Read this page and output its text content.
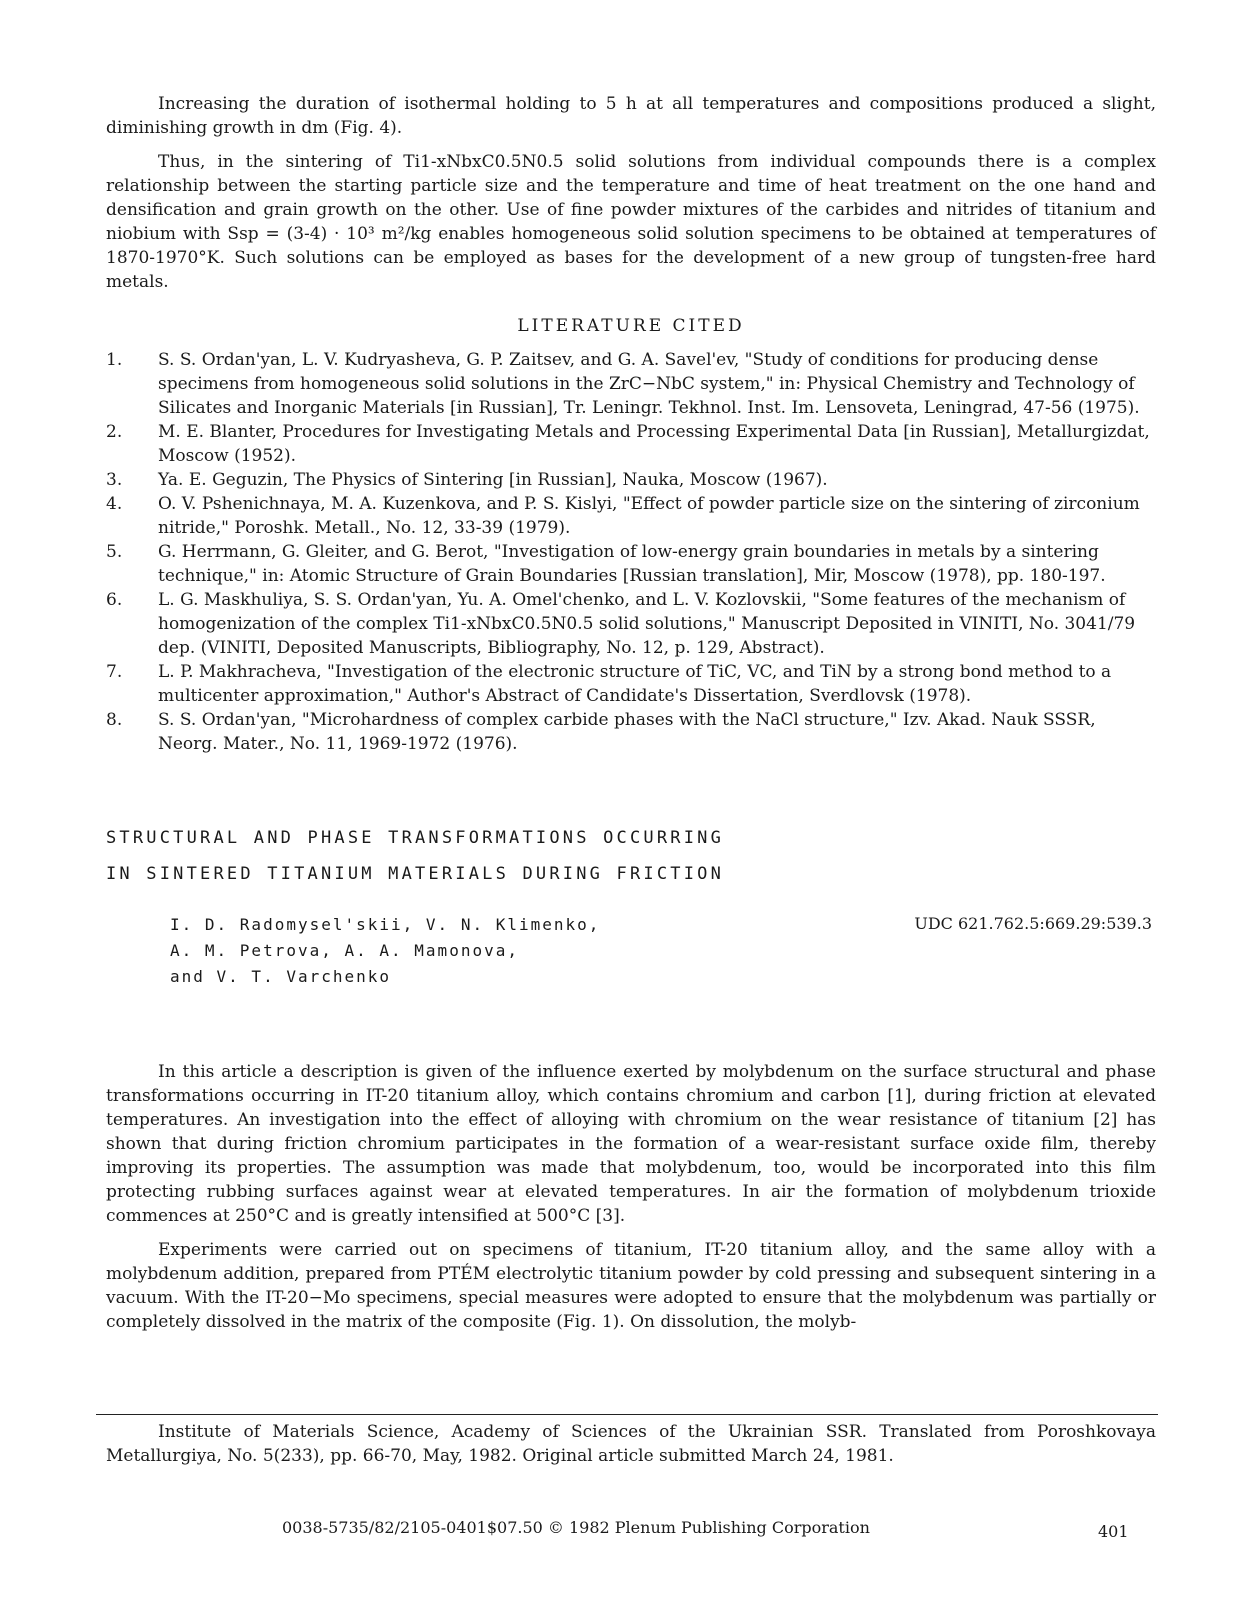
Increasing the duration of isothermal holding to 5 h at all temperatures and compositions produced a slight, diminishing growth in dm (Fig. 4).

Thus, in the sintering of Ti1-xNbxC0.5N0.5 solid solutions from individual compounds there is a complex relationship between the starting particle size and the temperature and time of heat treatment on the one hand and densification and grain growth on the other. Use of fine powder mixtures of the carbides and nitrides of titanium and niobium with Ssp = (3-4) · 10³ m²/kg enables homogeneous solid solution specimens to be obtained at temperatures of 1870-1970°K. Such solutions can be employed as bases for the development of a new group of tungsten-free hard metals.

LITERATURE CITED
1.	S. S. Ordan'yan, L. V. Kudryasheva, G. P. Zaitsev, and G. A. Savel'ev, "Study of conditions for producing dense specimens from homogeneous solid solutions in the ZrC−NbC system," in: Physical Chemistry and Technology of Silicates and Inorganic Materials [in Russian], Tr. Leningr. Tekhnol. Inst. Im. Lensoveta, Leningrad, 47-56 (1975).
2.	M. E. Blanter, Procedures for Investigating Metals and Processing Experimental Data [in Russian], Metallurgizdat, Moscow (1952).
3.	Ya. E. Geguzin, The Physics of Sintering [in Russian], Nauka, Moscow (1967).
4.	O. V. Pshenichnaya, M. A. Kuzenkova, and P. S. Kislyi, "Effect of powder particle size on the sintering of zirconium nitride," Poroshk. Metall., No. 12, 33-39 (1979).
5.	G. Herrmann, G. Gleiter, and G. Berot, "Investigation of low-energy grain boundaries in metals by a sintering technique," in: Atomic Structure of Grain Boundaries [Russian translation], Mir, Moscow (1978), pp. 180-197.
6.	L. G. Maskhuliya, S. S. Ordan'yan, Yu. A. Omel'chenko, and L. V. Kozlovskii, "Some features of the mechanism of homogenization of the complex Ti1-xNbxC0.5N0.5 solid solutions," Manuscript Deposited in VINITI, No. 3041/79 dep. (VINITI, Deposited Manuscripts, Bibliography, No. 12, p. 129, Abstract).
7.	L. P. Makhracheva, "Investigation of the electronic structure of TiC, VC, and TiN by a strong bond method to a multicenter approximation," Author's Abstract of Candidate's Dissertation, Sverdlovsk (1978).
8.	S. S. Ordan'yan, "Microhardness of complex carbide phases with the NaCl structure," Izv. Akad. Nauk SSSR, Neorg. Mater., No. 11, 1969-1972 (1976).
STRUCTURAL AND PHASE TRANSFORMATIONS OCCURRING
IN SINTERED TITANIUM MATERIALS DURING FRICTION
I. D. Radomysel'skii, V. N. Klimenko,
A. M. Petrova, A. A. Mamonova,
and V. T. Varchenko
UDC 621.762.5:669.29:539.3

In this article a description is given of the influence exerted by molybdenum on the surface structural and phase transformations occurring in IT-20 titanium alloy, which contains chromium and carbon [1], during friction at elevated temperatures. An investigation into the effect of alloying with chromium on the wear resistance of titanium [2] has shown that during friction chromium participates in the formation of a wear-resistant surface oxide film, thereby improving its properties. The assumption was made that molybdenum, too, would be incorporated into this film protecting rubbing surfaces against wear at elevated temperatures. In air the formation of molybdenum trioxide commences at 250°C and is greatly intensified at 500°C [3].

Experiments were carried out on specimens of titanium, IT-20 titanium alloy, and the same alloy with a molybdenum addition, prepared from PTÉM electrolytic titanium powder by cold pressing and subsequent sintering in a vacuum. With the IT-20−Mo specimens, special measures were adopted to ensure that the molybdenum was partially or completely dissolved in the matrix of the composite (Fig. 1). On dissolution, the molyb-

Institute of Materials Science, Academy of Sciences of the Ukrainian SSR. Translated from Poroshkovaya Metallurgiya, No. 5(233), pp. 66-70, May, 1982. Original article submitted March 24, 1981.
0038-5735/82/2105-0401$07.50 © 1982 Plenum Publishing Corporation	401
